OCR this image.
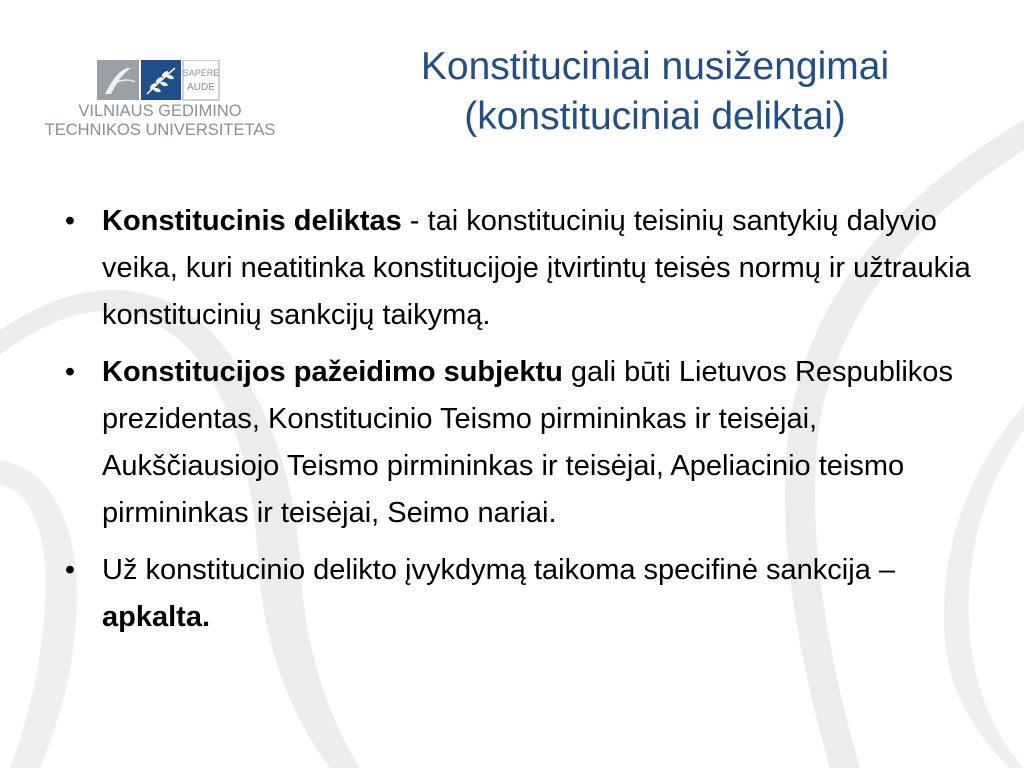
SAPERE
AUDE
VILNIAUS GEDIMINO
TECHNIKOS UNIVERSITETAS
Konstituciniai nusižengimai
(konstituciniai deliktai)
• Konstitucinis deliktas - tai konstitucinių teisinių santykių dalyvio veika, kuri neatitinka konstitucijoje įtvirtintų teisės normų ir užtraukia konstitucinių sankcijų taikymą.
• Konstitucijos pažeidimo subjektu gali būti Lietuvos Respublikos prezidentas, Konstitucinio Teismo pirmininkas ir teisėjai, Aukščiausiojo Teismo pirmininkas ir teisėjai, Apeliacinio teismo pirmininkas ir teisėjai, Seimo nariai.
• Už konstitucinio delikto įvykdymą taikoma specifinė sankcija – apkalta.
